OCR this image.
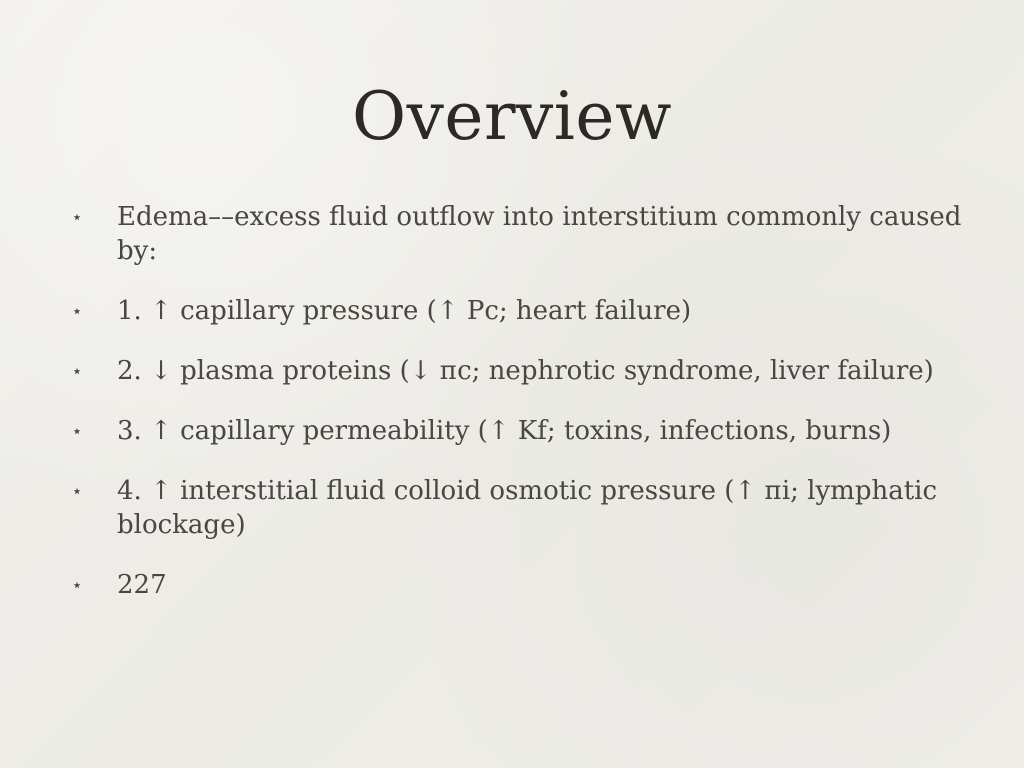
Overview
⋆ Edema––excess fluid outflow into interstitium commonly caused by:
⋆ 1. ↑ capillary pressure (↑ Pc; heart failure)
⋆ 2. ↓ plasma proteins (↓ пc; nephrotic syndrome, liver failure)
⋆ 3. ↑ capillary permeability (↑ Kf; toxins, infections, burns)
⋆ 4. ↑ interstitial fluid colloid osmotic pressure (↑ пi; lymphatic blockage)
⋆ 227
